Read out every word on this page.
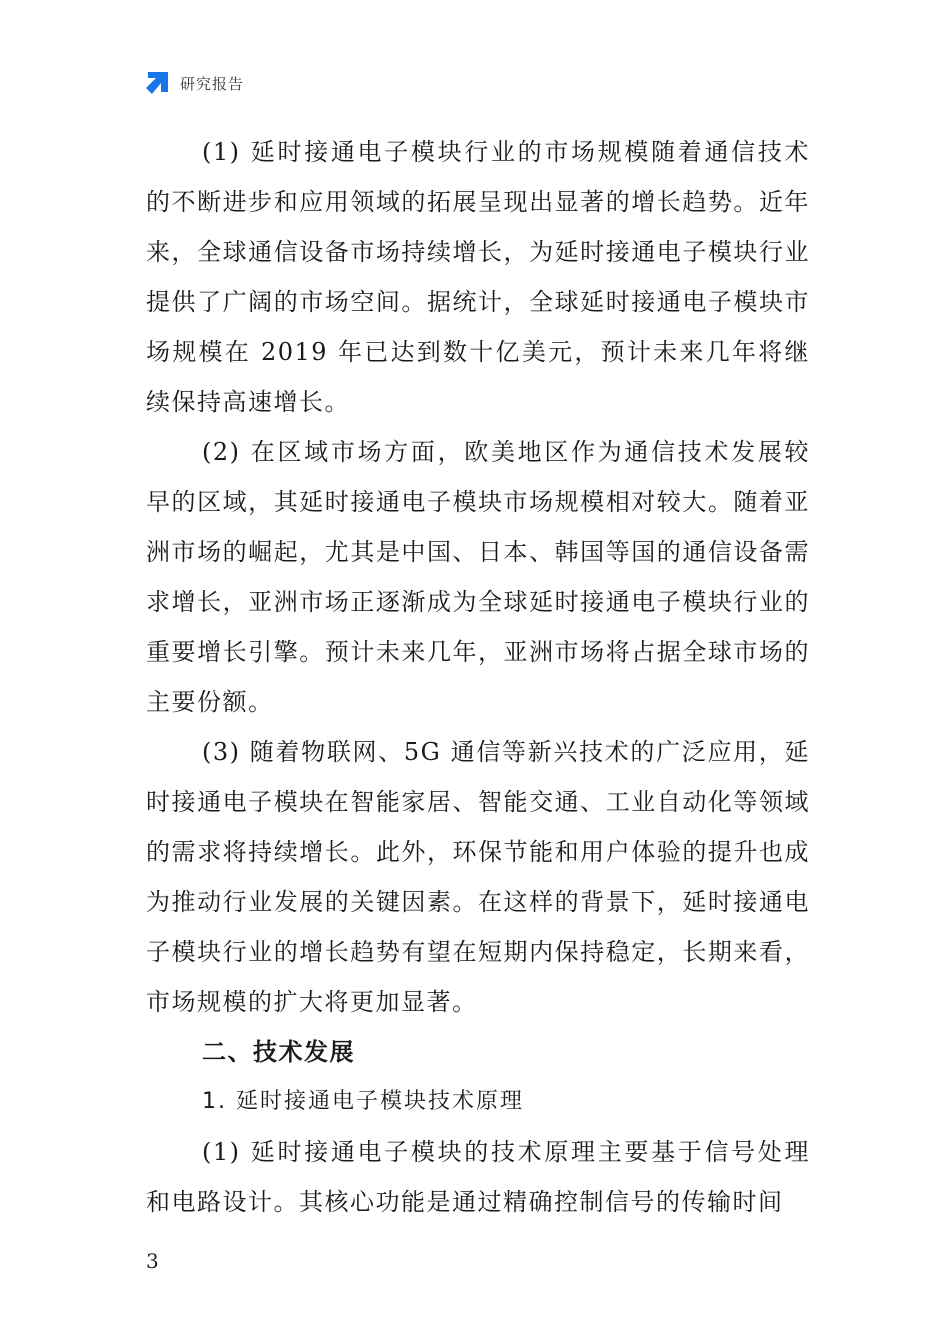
研究报告

(1) 延时接通电子模块行业的市场规模随着通信技术的不断进步和应用领域的拓展呈现出显著的增长趋势。近年来，全球通信设备市场持续增长，为延时接通电子模块行业提供了广阔的市场空间。据统计，全球延时接通电子模块市场规模在 2019 年已达到数十亿美元，预计未来几年将继续保持高速增长。

(2) 在区域市场方面，欧美地区作为通信技术发展较早的区域，其延时接通电子模块市场规模相对较大。随着亚洲市场的崛起，尤其是中国、日本、韩国等国的通信设备需求增长，亚洲市场正逐渐成为全球延时接通电子模块行业的重要增长引擎。预计未来几年，亚洲市场将占据全球市场的主要份额。

(3) 随着物联网、5G 通信等新兴技术的广泛应用，延时接通电子模块在智能家居、智能交通、工业自动化等领域的需求将持续增长。此外，环保节能和用户体验的提升也成为推动行业发展的关键因素。在这样的背景下，延时接通电子模块行业的增长趋势有望在短期内保持稳定，长期来看，市场规模的扩大将更加显著。

二、技术发展

1. 延时接通电子模块技术原理

(1) 延时接通电子模块的技术原理主要基于信号处理和电路设计。其核心功能是通过精确控制信号的传输时间

3
